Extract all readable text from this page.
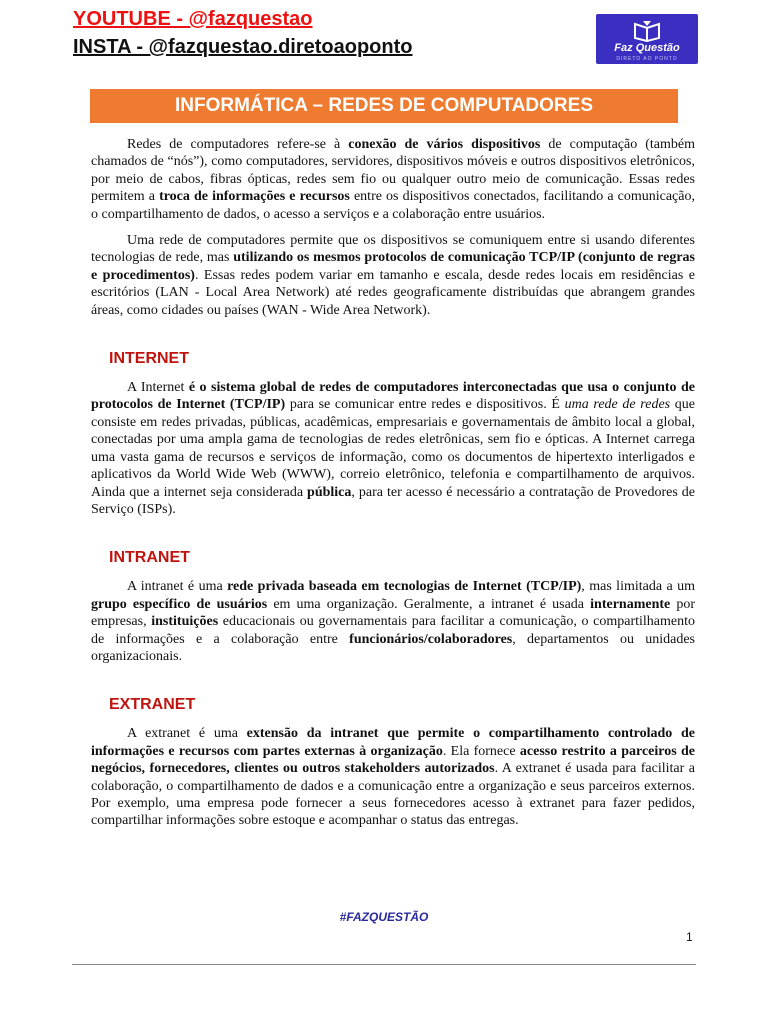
YOUTUBE - @fazquestao
INSTA - @fazquestao.diretoaoponto	Faz Questão
DIRETO AO PONTO
INFORMÁTICA – REDES DE COMPUTADORES

Redes de computadores refere-se à conexão de vários dispositivos de computação (também chamados de “nós”), como computadores, servidores, dispositivos móveis e outros dispositivos eletrônicos, por meio de cabos, fibras ópticas, redes sem fio ou qualquer outro meio de comunicação. Essas redes permitem a troca de informações e recursos entre os dispositivos conectados, facilitando a comunicação, o compartilhamento de dados, o acesso a serviços e a colaboração entre usuários.

Uma rede de computadores permite que os dispositivos se comuniquem entre si usando diferentes tecnologias de rede, mas utilizando os mesmos protocolos de comunicação TCP/IP (conjunto de regras e procedimentos). Essas redes podem variar em tamanho e escala, desde redes locais em residências e escritórios (LAN - Local Area Network) até redes geograficamente distribuídas que abrangem grandes áreas, como cidades ou países (WAN - Wide Area Network).

INTERNET

A Internet é o sistema global de redes de computadores interconectadas que usa o conjunto de protocolos de Internet (TCP/IP) para se comunicar entre redes e dispositivos. É uma rede de redes que consiste em redes privadas, públicas, acadêmicas, empresariais e governamentais de âmbito local a global, conectadas por uma ampla gama de tecnologias de redes eletrônicas, sem fio e ópticas. A Internet carrega uma vasta gama de recursos e serviços de informação, como os documentos de hipertexto interligados e aplicativos da World Wide Web (WWW), correio eletrônico, telefonia e compartilhamento de arquivos. Ainda que a internet seja considerada pública, para ter acesso é necessário a contratação de Provedores de Serviço (ISPs).

INTRANET

A intranet é uma rede privada baseada em tecnologias de Internet (TCP/IP), mas limitada a um grupo específico de usuários em uma organização. Geralmente, a intranet é usada internamente por empresas, instituições educacionais ou governamentais para facilitar a comunicação, o compartilhamento de informações e a colaboração entre funcionários/colaboradores, departamentos ou unidades organizacionais.

EXTRANET

A extranet é uma extensão da intranet que permite o compartilhamento controlado de informações e recursos com partes externas à organização. Ela fornece acesso restrito a parceiros de negócios, fornecedores, clientes ou outros stakeholders autorizados. A extranet é usada para facilitar a colaboração, o compartilhamento de dados e a comunicação entre a organização e seus parceiros externos. Por exemplo, uma empresa pode fornecer a seus fornecedores acesso à extranet para fazer pedidos, compartilhar informações sobre estoque e acompanhar o status das entregas.

#FAZQUESTÃO
1
